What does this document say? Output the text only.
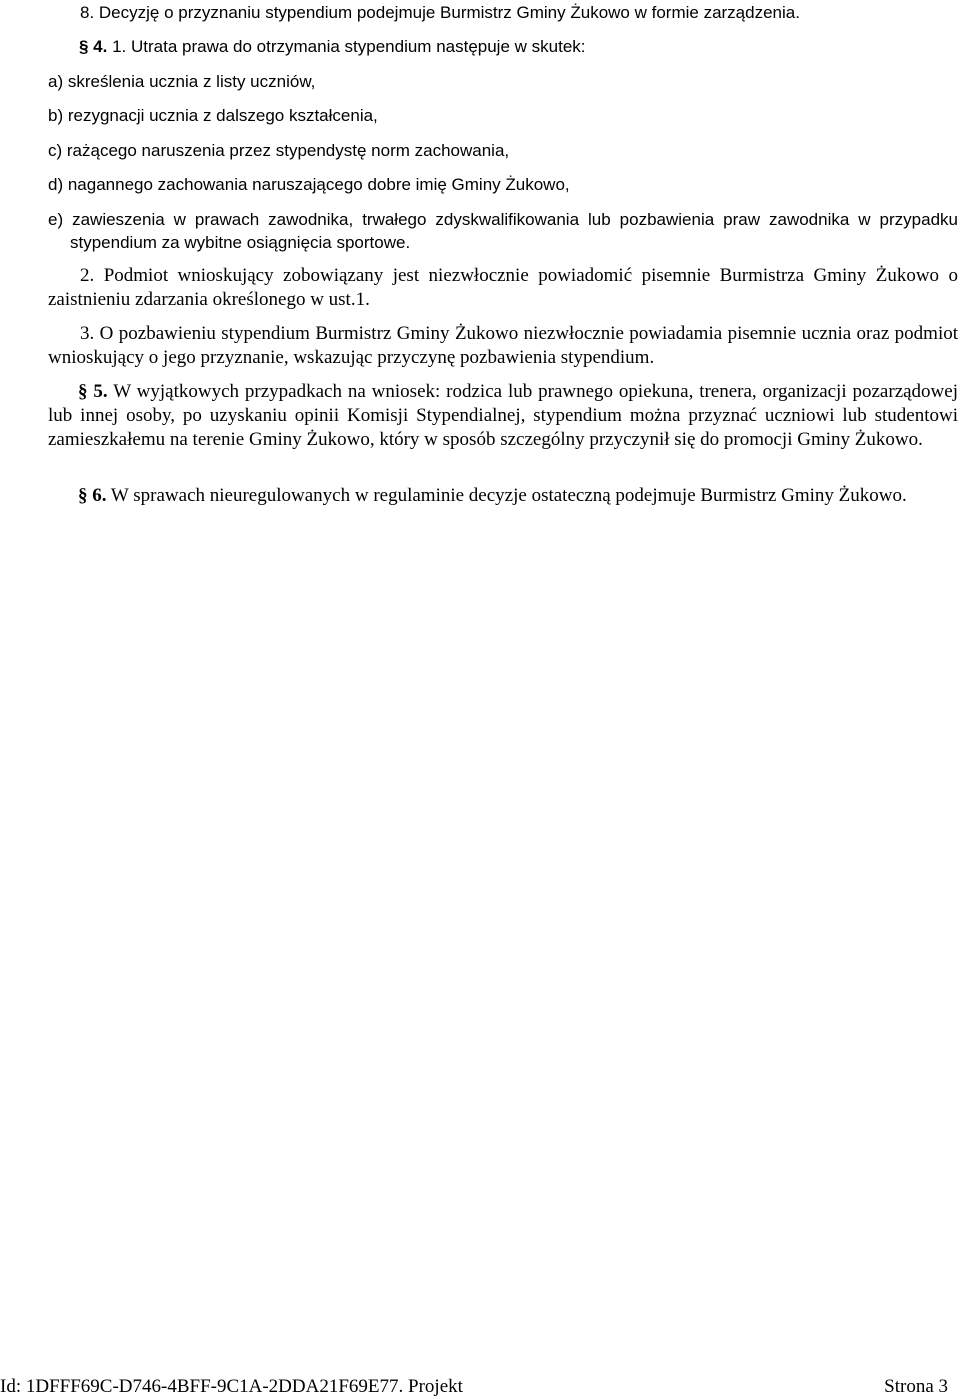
8. Decyzję o przyznaniu stypendium podejmuje Burmistrz Gminy Żukowo w formie zarządzenia.
§ 4. 1. Utrata prawa do otrzymania stypendium następuje w skutek:
a) skreślenia ucznia z listy uczniów,
b) rezygnacji ucznia z dalszego kształcenia,
c) rażącego naruszenia przez stypendystę norm zachowania,
d) nagannego zachowania naruszającego dobre imię Gminy Żukowo,
e) zawieszenia w prawach zawodnika, trwałego zdyskwalifikowania lub pozbawienia praw zawodnika w przypadku stypendium za wybitne osiągnięcia sportowe.
2. Podmiot wnioskujący zobowiązany jest niezwłocznie powiadomić pisemnie Burmistrza Gminy Żukowo o zaistnieniu zdarzania określonego w ust.1.
3. O pozbawieniu stypendium Burmistrz Gminy Żukowo niezwłocznie powiadamia pisemnie ucznia oraz podmiot wnioskujący o jego przyznanie, wskazując przyczynę pozbawienia stypendium.
§ 5. W wyjątkowych przypadkach na wniosek: rodzica lub prawnego opiekuna, trenera, organizacji pozarządowej lub innej osoby, po uzyskaniu opinii Komisji Stypendialnej, stypendium można przyznać uczniowi lub studentowi zamieszkałemu na terenie Gminy Żukowo, który w sposób szczególny przyczynił się do promocji Gminy Żukowo.
§ 6. W sprawach nieuregulowanych w regulaminie decyzje ostateczną podejmuje Burmistrz Gminy Żukowo.
Id: 1DFFF69C-D746-4BFF-9C1A-2DDA21F69E77. Projekt	Strona 3
